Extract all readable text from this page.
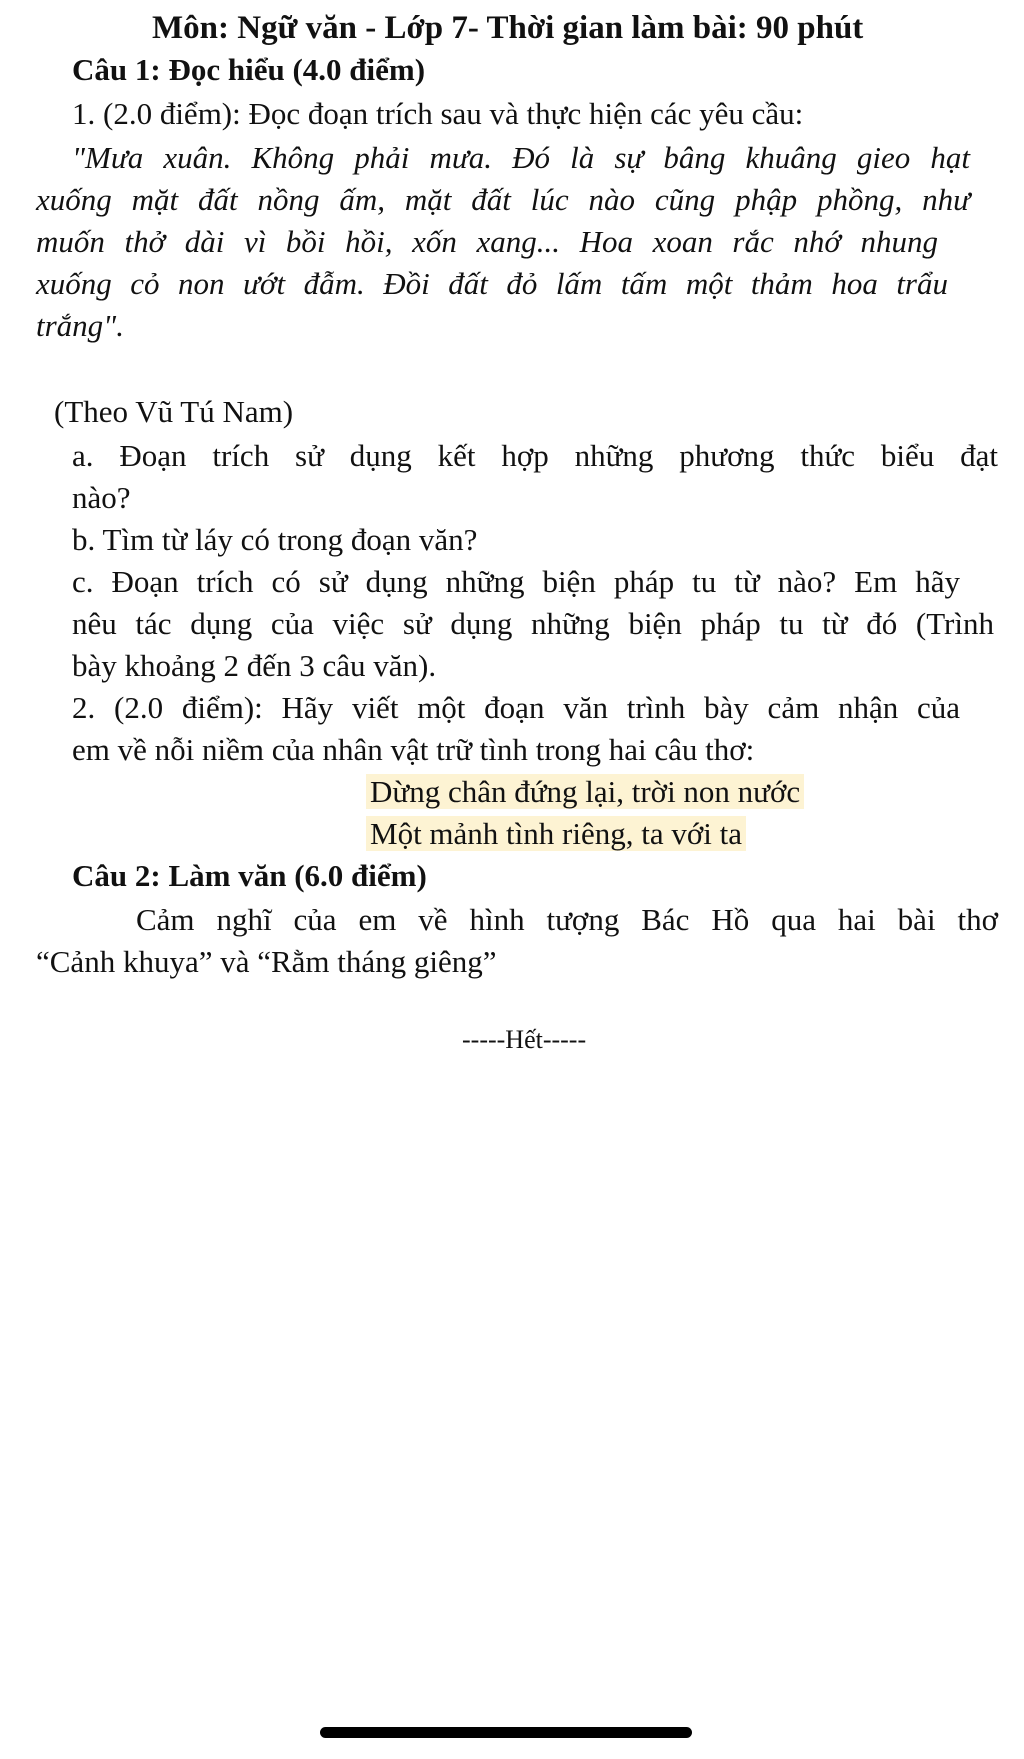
Môn: Ngữ văn - Lớp 7- Thời gian làm bài: 90 phút
Câu 1: Đọc hiểu (4.0 điểm)
1. (2.0 điểm): Đọc đoạn trích sau và thực hiện các yêu cầu:
"Mưa xuân. Không phải mưa. Đó là sự bâng khuâng gieo hạt
xuống mặt đất nồng ấm, mặt đất lúc nào cũng phập phồng, như
muốn thở dài vì bồi hồi, xốn xang... Hoa xoan rắc nhớ nhung
xuống cỏ non ướt đẫm. Đồi đất đỏ lấm tấm một thảm hoa trẩu
trắng".
(Theo Vũ Tú Nam)
a. Đoạn trích sử dụng kết hợp những phương thức biểu đạt
nào?
b. Tìm từ láy có trong đoạn văn?
c. Đoạn trích có sử dụng những biện pháp tu từ nào? Em hãy
nêu tác dụng của việc sử dụng những biện pháp tu từ đó (Trình
bày khoảng 2 đến 3 câu văn).
2. (2.0 điểm): Hãy viết một đoạn văn trình bày cảm nhận của
em về nỗi niềm của nhân vật trữ tình trong hai câu thơ:
Dừng chân đứng lại, trời non nước
Một mảnh tình riêng, ta với ta
Câu 2: Làm văn (6.0 điểm)
Cảm nghĩ của em về hình tượng Bác Hồ qua hai bài thơ
“Cảnh khuya” và “Rằm tháng giêng”
-----Hết-----
